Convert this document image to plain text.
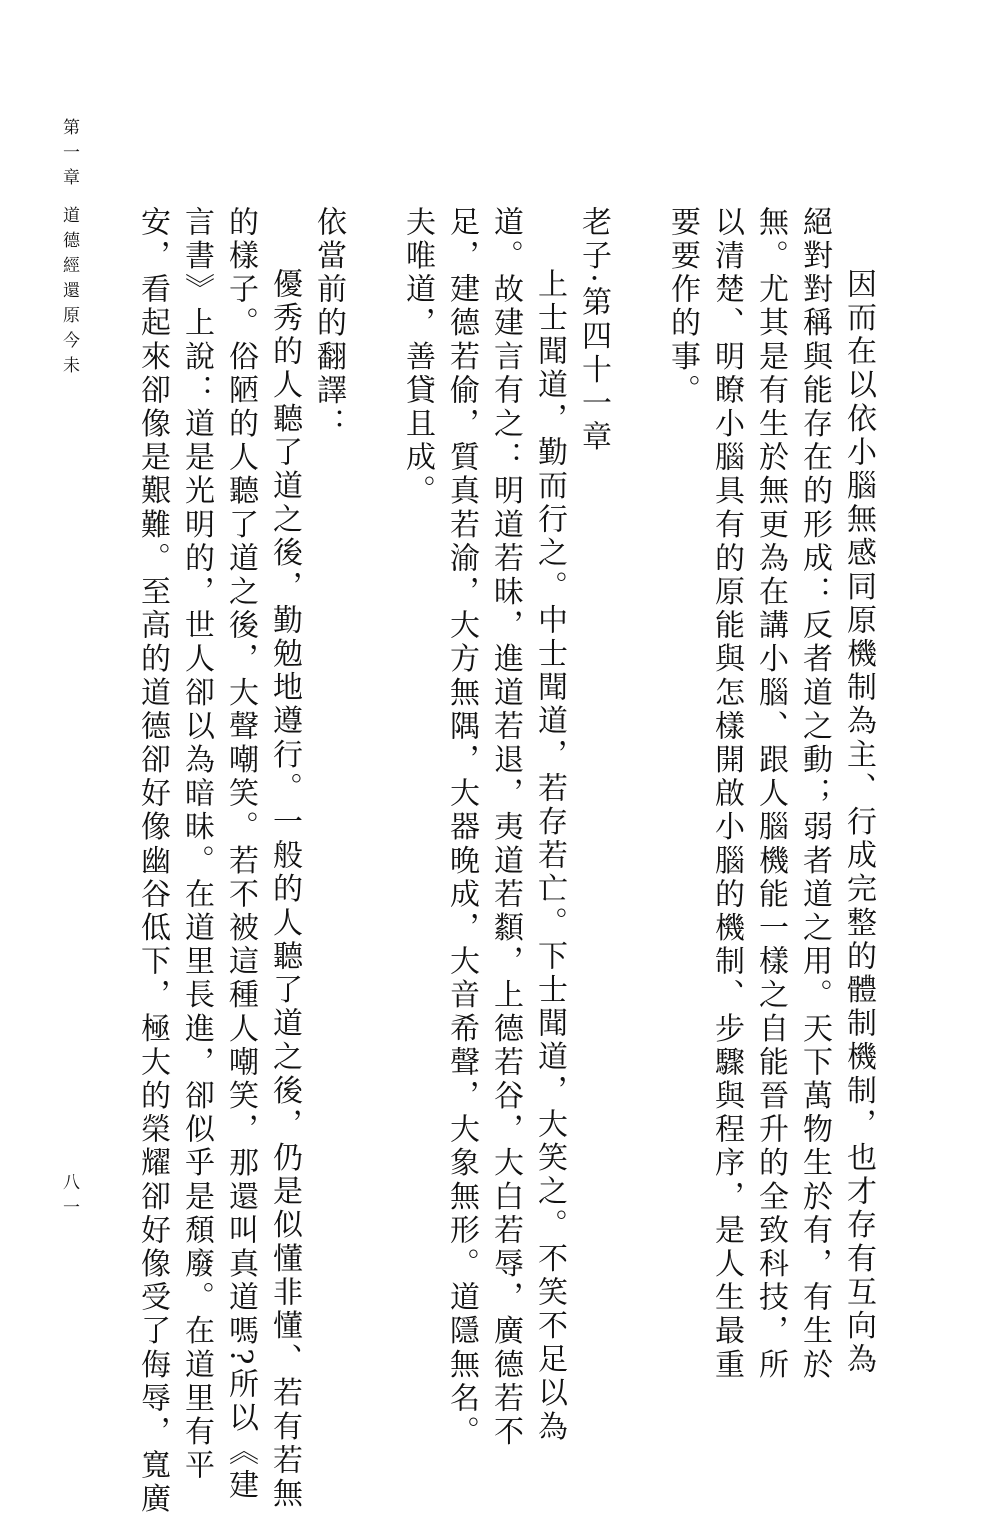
第一章
道德經還原今未
八一	因而在以依小腦無感同原機制為主、行成完整的體制機制，也才存有互向為
絕對對稱與能存在的形成：反者道之動；弱者道之用。天下萬物生於有，有生於
無。尤其是有生於無更為在講小腦、跟人腦機能一樣之自能晉升的全致科技，所
以清楚、明瞭小腦具有的原能與怎樣開啟小腦的機制、步驟與程序，是人生最重
要要作的事。
老子·第四十一章
上士聞道，勤而行之。中士聞道，若存若亡。下士聞道，大笑之。不笑不足以為
道。故建言有之：明道若昧，進道若退，夷道若纇，上德若谷，大白若辱，廣德若不
足，建德若偷，質真若渝，大方無隅，大器晚成，大音希聲，大象無形。道隱無名。
夫唯道，善貸且成。
依當前的翻譯：
優秀的人聽了道之後，勤勉地遵行。一般的人聽了道之後，仍是似懂非懂、若有若無
的樣子。俗陋的人聽了道之後，大聲嘲笑。若不被這種人嘲笑，那還叫真道嗎?所以《建
言書》上說：道是光明的，世人卻以為暗昧。在道里長進，卻似乎是頹廢。在道里有平
安，看起來卻像是艱難。至高的道德卻好像幽谷低下，極大的榮耀卻好像受了侮辱，寬廣
